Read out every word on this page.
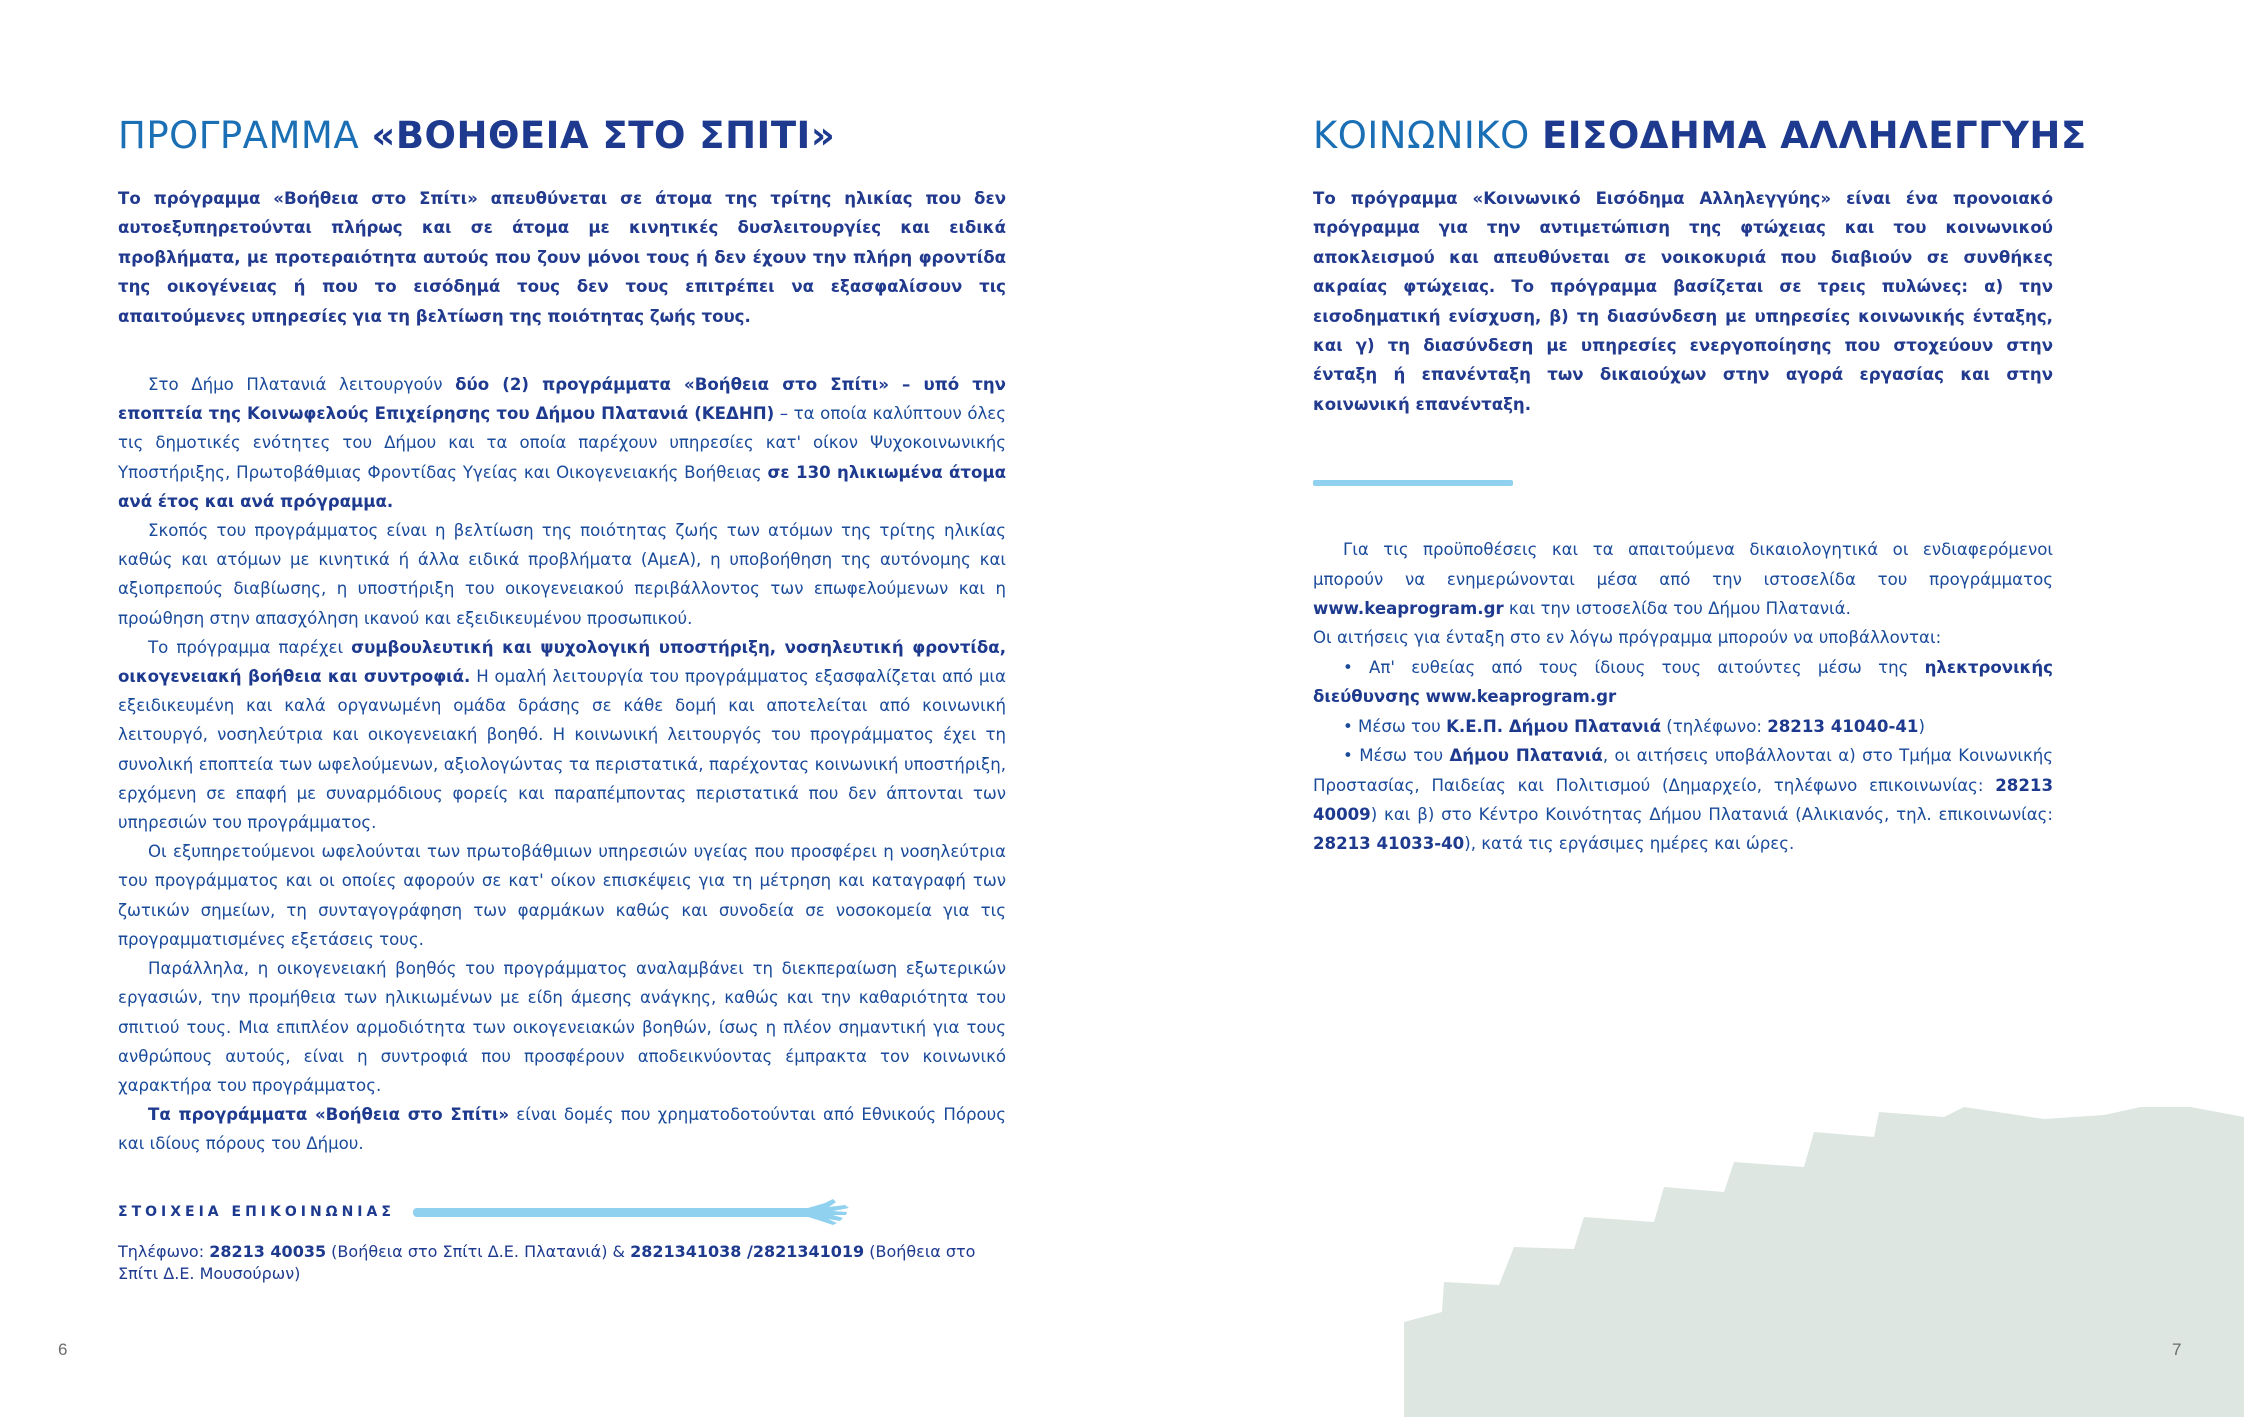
ΠΡΟΓΡΑΜΜΑ «ΒΟΗΘΕΙΑ ΣΤΟ ΣΠΙΤΙ»

Το πρόγραμμα «Βοήθεια στο Σπίτι» απευθύνεται σε άτομα της τρίτης ηλικίας που δεν αυτοεξυπηρετούνται πλήρως και σε άτομα με κινητικές δυσλειτουργίες και ειδικά προβλήματα, με προτεραιότητα αυτούς που ζουν μόνοι τους ή δεν έχουν την πλήρη φροντίδα της οικογένειας ή που το εισόδημά τους δεν τους επιτρέπει να εξασφαλίσουν τις απαιτούμενες υπηρεσίες για τη βελτίωση της ποιότητας ζωής τους.

Στο Δήμο Πλατανιά λειτουργούν δύο (2) προγράμματα «Βοήθεια στο Σπίτι» – υπό την εποπτεία της Κοινωφελούς Επιχείρησης του Δήμου Πλατανιά (ΚΕΔΗΠ) – τα οποία καλύπτουν όλες τις δημοτικές ενότητες του Δήμου και τα οποία παρέχουν υπηρεσίες κατ' οίκον Ψυχοκοινωνικής Υποστήριξης, Πρωτοβάθμιας Φροντίδας Υγείας και Οικογενειακής Βοήθειας σε 130 ηλικιωμένα άτομα ανά έτος και ανά πρόγραμμα.

Σκοπός του προγράμματος είναι η βελτίωση της ποιότητας ζωής των ατόμων της τρίτης ηλικίας καθώς και ατόμων με κινητικά ή άλλα ειδικά προβλήματα (ΑμεΑ), η υποβοήθηση της αυτόνομης και αξιοπρεπούς διαβίωσης, η υποστήριξη του οικογενειακού περιβάλλοντος των επωφελούμενων και η προώθηση στην απασχόληση ικανού και εξειδικευμένου προσωπικού.

Το πρόγραμμα παρέχει συμβουλευτική και ψυχολογική υποστήριξη, νοσηλευτική φροντίδα, οικογενειακή βοήθεια και συντροφιά. Η ομαλή λειτουργία του προγράμματος εξασφαλίζεται από μια εξειδικευμένη και καλά οργανωμένη ομάδα δράσης σε κάθε δομή και αποτελείται από κοινωνική λειτουργό, νοσηλεύτρια και οικογενειακή βοηθό. Η κοινωνική λειτουργός του προγράμματος έχει τη συνολική εποπτεία των ωφελούμενων, αξιολογώντας τα περιστατικά, παρέχοντας κοινωνική υποστήριξη, ερχόμενη σε επαφή με συναρμόδιους φορείς και παραπέμποντας περιστατικά που δεν άπτονται των υπηρεσιών του προγράμματος.

Οι εξυπηρετούμενοι ωφελούνται των πρωτοβάθμιων υπηρεσιών υγείας που προσφέρει η νοσηλεύτρια του προγράμματος και οι οποίες αφορούν σε κατ' οίκον επισκέψεις για τη μέτρηση και καταγραφή των ζωτικών σημείων, τη συνταγογράφηση των φαρμάκων καθώς και συνοδεία σε νοσοκομεία για τις προγραμματισμένες εξετάσεις τους.

Παράλληλα, η οικογενειακή βοηθός του προγράμματος αναλαμβάνει τη διεκπεραίωση εξωτερικών εργασιών, την προμήθεια των ηλικιωμένων με είδη άμεσης ανάγκης, καθώς και την καθαριότητα του σπιτιού τους. Μια επιπλέον αρμοδιότητα των οικογενειακών βοηθών, ίσως η πλέον σημαντική για τους ανθρώπους αυτούς, είναι η συντροφιά που προσφέρουν αποδεικνύοντας έμπρακτα τον κοινωνικό χαρακτήρα του προγράμματος.

Τα προγράμματα «Βοήθεια στο Σπίτι» είναι δομές που χρηματοδοτούνται από Εθνικούς Πόρους και ιδίους πόρους του Δήμου.

ΣΤΟΙΧΕΙΑ ΕΠΙΚΟΙΝΩΝΙΑΣ
Τηλέφωνο: 28213 40035 (Βοήθεια στο Σπίτι Δ.Ε. Πλατανιά) & 2821341038 /2821341019 (Βοήθεια στο Σπίτι Δ.Ε. Μουσούρων)
6
ΚΟΙΝΩΝΙΚΟ ΕΙΣΟΔΗΜΑ ΑΛΛΗΛΕΓΓΥΗΣ

Το πρόγραμμα «Κοινωνικό Εισόδημα Αλληλεγγύης» είναι ένα προνοιακό πρόγραμμα για την αντιμετώπιση της φτώχειας και του κοινωνικού αποκλεισμού και απευθύνεται σε νοικοκυριά που διαβιούν σε συνθήκες ακραίας φτώχειας. Το πρόγραμμα βασίζεται σε τρεις πυλώνες: α) την εισοδηματική ενίσχυση, β) τη διασύνδεση με υπηρεσίες κοινωνικής ένταξης, και γ) τη διασύνδεση με υπηρεσίες ενεργοποίησης που στοχεύουν στην ένταξη ή επανένταξη των δικαιούχων στην αγορά εργασίας και στην κοινωνική επανένταξη.

Για τις προϋποθέσεις και τα απαιτούμενα δικαιολογητικά οι ενδιαφερόμενοι μπορούν να ενημερώνονται μέσα από την ιστοσελίδα του προγράμματος www.keaprogram.gr και την ιστοσελίδα του Δήμου Πλατανιά.

Οι αιτήσεις για ένταξη στο εν λόγω πρόγραμμα μπορούν να υποβάλλονται:

• Απ' ευθείας από τους ίδιους τους αιτούντες μέσω της ηλεκτρονικής διεύθυνσης www.keaprogram.gr

• Μέσω του Κ.Ε.Π. Δήμου Πλατανιά (τηλέφωνο: 28213 41040-41)

• Μέσω του Δήμου Πλατανιά, οι αιτήσεις υποβάλλονται α) στο Τμήμα Κοινωνικής Προστασίας, Παιδείας και Πολιτισμού (Δημαρχείο, τηλέφωνο επικοινωνίας: 28213 40009) και β) στο Κέντρο Κοινότητας Δήμου Πλατανιά (Αλικιανός, τηλ. επικοινωνίας: 28213 41033-40), κατά τις εργάσιμες ημέρες και ώρες.

7
